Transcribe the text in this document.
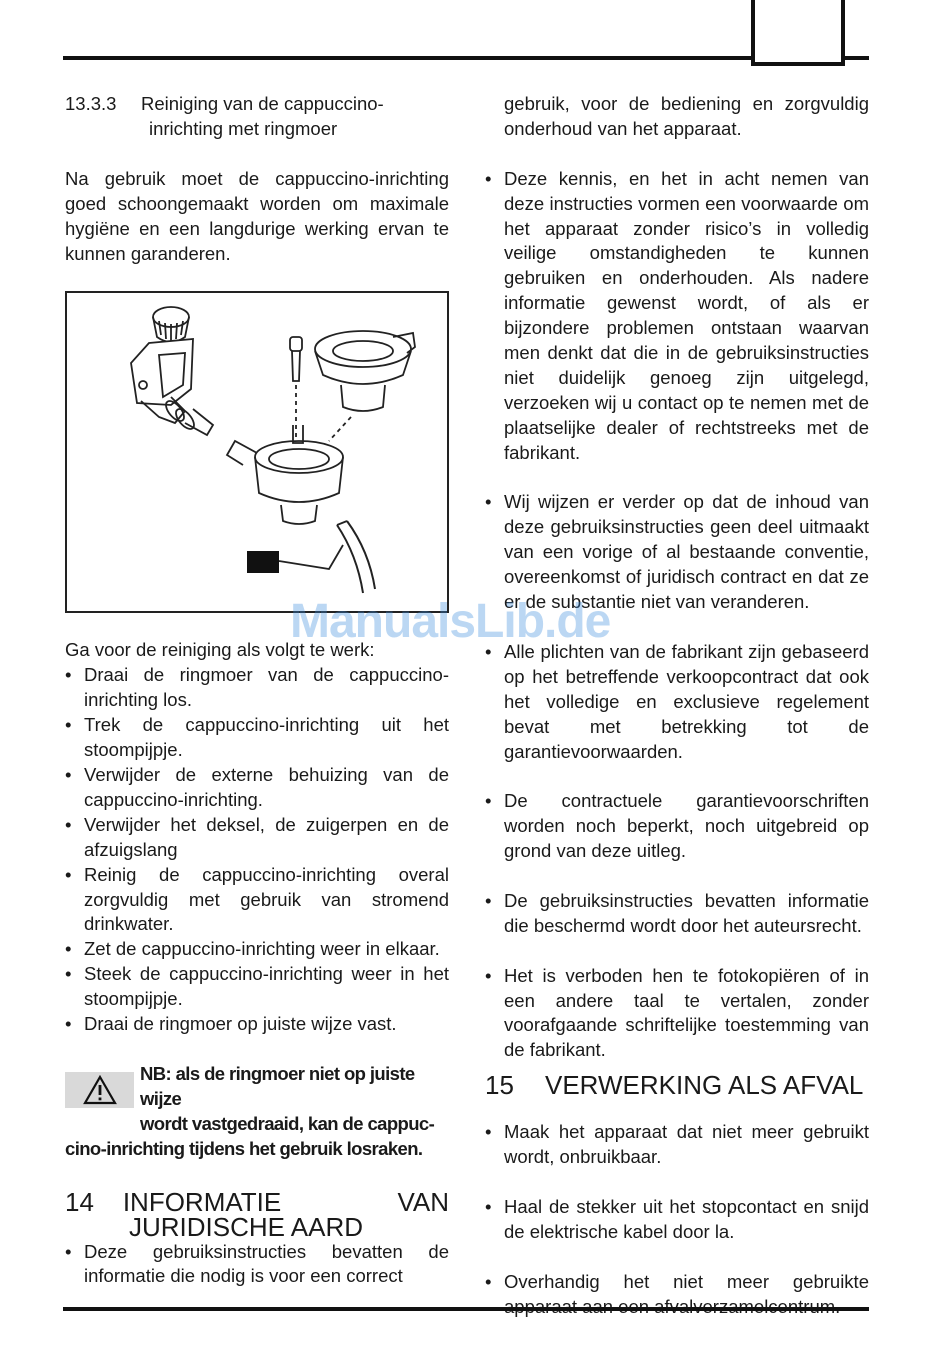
13.3.3 Reiniging van de cappuccino-
inrichting met ringmoer

Na gebruik moet de cappuccino-inrichting goed schoongemaakt worden om maximale hygiëne en een langdurige werking ervan te kunnen garanderen.

Ga voor de reiniging als volgt te werk:

• Draai de ringmoer van de cappuccino-inrichting los.
• Trek de cappuccino-inrichting uit het stoompijpje.
• Verwijder de externe behuizing van de cappuccino-inrichting.
• Verwijder het deksel, de zuigerpen en de afzuigslang
• Reinig de cappuccino-inrichting overal zorgvuldig met gebruik van stromend drinkwater.
• Zet de cappuccino-inrichting weer in elkaar.
• Steek de cappuccino-inrichting weer in het stoompijpje.
• Draai de ringmoer op juiste wijze vast.

NB: als de ringmoer niet op juiste wijze

wordt vastgedraaid, kan de cappuc-

cino-inrichting tijdens het gebruik losraken.

14 INFORMATIE	VAN
JURIDISCHE AARD
• Deze gebruiksinstructies bevatten de informatie die nodig is voor een correct

gebruik, voor de bediening en zorgvuldig onderhoud van het apparaat.

• Deze kennis, en het in acht nemen van deze instructies vormen een voorwaarde om het apparaat zonder risico’s in volledig veilige omstandigheden te kunnen gebruiken en onderhouden. Als nadere informatie gewenst wordt, of als er bijzondere problemen ontstaan waarvan men denkt dat die in de gebruiksinstructies niet duidelijk genoeg zijn uitgelegd, verzoeken wij u contact op te nemen met de plaatselijke dealer of rechtstreeks met de fabrikant.
• Wij wijzen er verder op dat de inhoud van deze gebruiksinstructies geen deel uitmaakt van een vorige of al bestaande conventie, overeenkomst of juridisch contract en dat ze er de substantie niet van veranderen.
• Alle plichten van de fabrikant zijn gebaseerd op het betreffende verkoopcontract dat ook het volledige en exclusieve regelement bevat met betrekking tot de garantievoorwaarden.
• De contractuele garantievoorschriften worden noch beperkt, noch uitgebreid op grond van deze uitleg.
• De gebruiksinstructies bevatten informatie die beschermd wordt door het auteursrecht.
• Het is verboden hen te fotokopiëren of in een andere taal te vertalen, zonder voorafgaande schriftelijke toestemming van de fabrikant.
15 VERWERKING ALS AFVAL
• Maak het apparaat dat niet meer gebruikt wordt, onbruikbaar.
• Haal de stekker uit het stopcontact en snijd de elektrische kabel door la.
• Overhandig het niet meer gebruikte
ManualsLib.de
